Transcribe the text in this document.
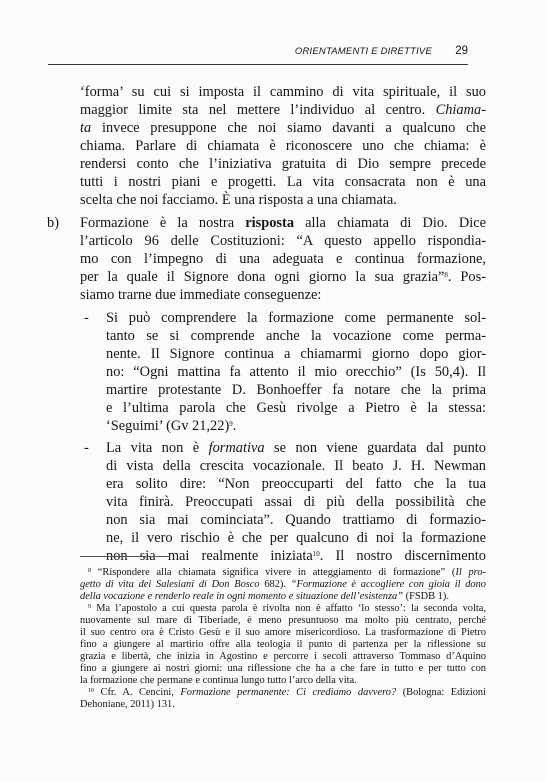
ORIENTAMENTI E DIRETTIVE 29
‘forma’ su cui si imposta il cammino di vita spirituale, il suo
maggior limite sta nel mettere l’individuo al centro. Chiama-
ta invece presuppone che noi siamo davanti a qualcuno che
chiama. Parlare di chiamata è riconoscere uno che chiama: è
rendersi conto che l’iniziativa gratuita di Dio sempre precede
tutti i nostri piani e progetti. La vita consacrata non è una
scelta che noi facciamo. È una risposta a una chiamata.
b)	Formazione è la nostra risposta alla chiamata di Dio. Dice
l’articolo 96 delle Costituzioni: “A questo appello rispondia-
mo con l’impegno di una adeguata e continua formazione,
per la quale il Signore dona ogni giorno la sua grazia”$^8$. Pos-
siamo trarne due immediate conseguenze:
-	Si può comprendere la formazione come permanente sol-
tanto se si comprende anche la vocazione come perma-
nente. Il Signore continua a chiamarmi giorno dopo gior-
no: “Ogni mattina fa attento il mio orecchio” (Is 50,4). Il
martire protestante D. Bonhoeffer fa notare che la prima
e l’ultima parola che Gesù rivolge a Pietro è la stessa:
‘Seguimi’ (Gv 21,22)$^9$.
-	La vita non è formativa se non viene guardata dal punto
di vista della crescita vocazionale. Il beato J. H. Newman
era solito dire: “Non preoccuparti del fatto che la tua
vita finirà. Preoccupati assai di più della possibilità che
non sia mai cominciata”. Quando trattiamo di formazio-
ne, il vero rischio è che per qualcuno di noi la formazione
non sia mai realmente iniziata$^{10}$. Il nostro discernimento
$^8$ “Rispondere alla chiamata significa vivere in atteggiamento di formazione” (Il pro-
getto di vita dei Salesiani di Don Bosco 682). “Formazione è accogliere con gioia il dono
della vocazione e renderlo reale in ogni momento e situazione dell’esistenza” (FSDB 1).
$^9$ Ma l’apostolo a cui questa parola è rivolta non è affatto ‘lo stesso’: la seconda volta,
nuovamente sul mare di Tiberiade, è meno presuntuoso ma molto più centrato, perché
il suo centro ora è Cristo Gesù e il suo amore misericordioso. La trasformazione di Pietro
fino a giungere al martirio offre alla teologia il punto di partenza per la riflessione su
grazia e libertà, che inizia in Agostino e percorre i secoli attraverso Tommaso d’Aquino
fino a giungere ai nostri giorni: una riflessione che ha a che fare in tutto e per tutto con
la formazione che permane e continua lungo tutto l’arco della vita.
$^{10}$ Cfr. A. Cencini, Formazione permanente: Ci crediamo davvero? (Bologna: Edizioni
Dehoniane, 2011) 131.
